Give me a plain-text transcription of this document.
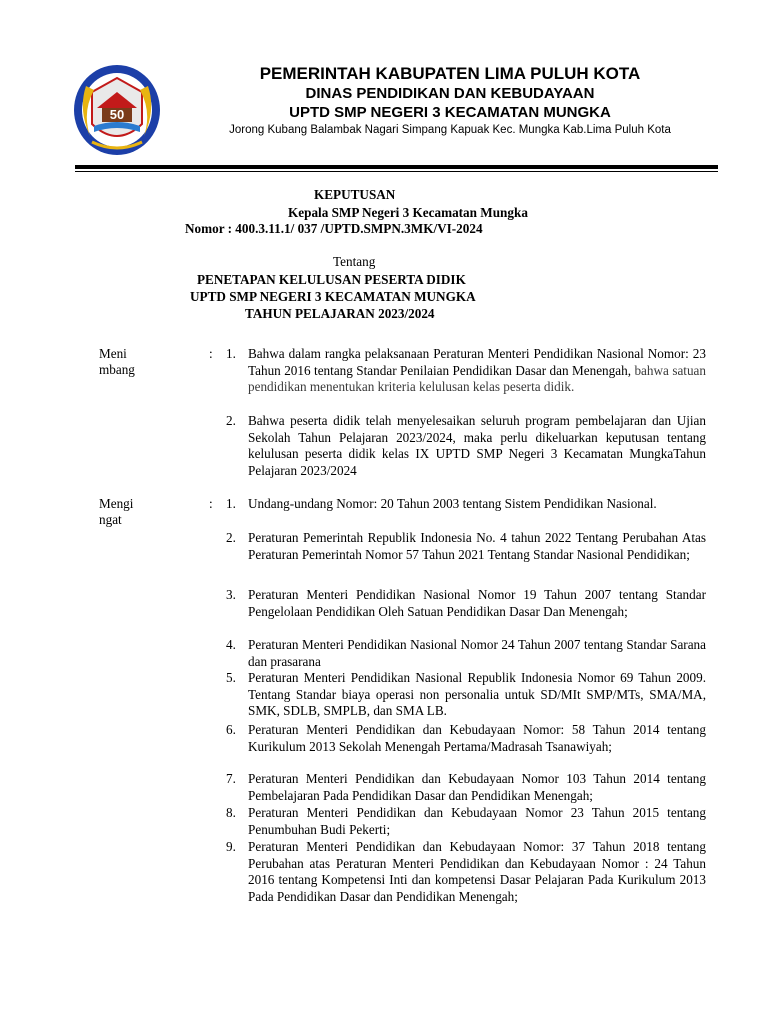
50
PEMERINTAH KABUPATEN LIMA PULUH KOTA
DINAS PENDIDIKAN DAN KEBUDAYAAN
UPTD SMP NEGERI 3 KECAMATAN MUNGKA
Jorong Kubang Balambak Nagari Simpang Kapuak Kec. Mungka Kab.Lima Puluh Kota
KEPUTUSAN
Kepala SMP Negeri 3 Kecamatan Mungka
Nomor : 400.3.11.1/ 037 /UPTD.SMPN.3MK/VI-2024
Tentang
PENETAPAN KELULUSAN PESERTA DIDIK
UPTD SMP NEGERI 3 KECAMATAN MUNGKA
TAHUN PELAJARAN 2023/2024
Meni
mbang
: 1. Bahwa dalam rangka pelaksanaan Peraturan Menteri Pendidikan Nasional Nomor: 23 Tahun 2016 tentang Standar Penilaian Pendidikan Dasar dan Menengah, bahwa satuan pendidikan menentukan kriteria kelulusan kelas peserta didik.
2. Bahwa peserta didik telah menyelesaikan seluruh program pembelajaran dan Ujian Sekolah Tahun Pelajaran 2023/2024, maka perlu dikeluarkan keputusan tentang kelulusan peserta didik kelas IX UPTD SMP Negeri 3 Kecamatan MungkaTahun Pelajaran 2023/2024
Mengi
ngat
: 1. Undang-undang Nomor: 20 Tahun 2003 tentang Sistem Pendidikan Nasional.
2. Peraturan Pemerintah Republik Indonesia No. 4 tahun 2022 Tentang Perubahan Atas Peraturan Pemerintah Nomor 57 Tahun 2021 Tentang Standar Nasional Pendidikan;
3. Peraturan Menteri Pendidikan Nasional Nomor 19 Tahun 2007 tentang Standar Pengelolaan Pendidikan Oleh Satuan Pendidikan Dasar Dan Menengah;
4. Peraturan Menteri Pendidikan Nasional Nomor 24 Tahun 2007 tentang Standar Sarana dan prasarana
5. Peraturan Menteri Pendidikan Nasional Republik Indonesia Nomor 69 Tahun 2009. Tentang Standar biaya operasi non personalia untuk SD/MIt SMP/MTs, SMA/MA, SMK, SDLB, SMPLB, dan SMA LB.
6. Peraturan Menteri Pendidikan dan Kebudayaan Nomor: 58 Tahun 2014 tentang Kurikulum 2013 Sekolah Menengah Pertama/Madrasah Tsanawiyah;
7. Peraturan Menteri Pendidikan dan Kebudayaan Nomor 103 Tahun 2014 tentang Pembelajaran Pada Pendidikan Dasar dan Pendidikan Menengah;
8. Peraturan Menteri Pendidikan dan Kebudayaan Nomor 23 Tahun 2015 tentang Penumbuhan Budi Pekerti;
9. Peraturan Menteri Pendidikan dan Kebudayaan Nomor: 37 Tahun 2018 tentang Perubahan atas Peraturan Menteri Pendidikan dan Kebudayaan Nomor : 24 Tahun 2016 tentang Kompetensi Inti dan kompetensi Dasar Pelajaran Pada Kurikulum 2013 Pada Pendidikan Dasar dan Pendidikan Menengah;
